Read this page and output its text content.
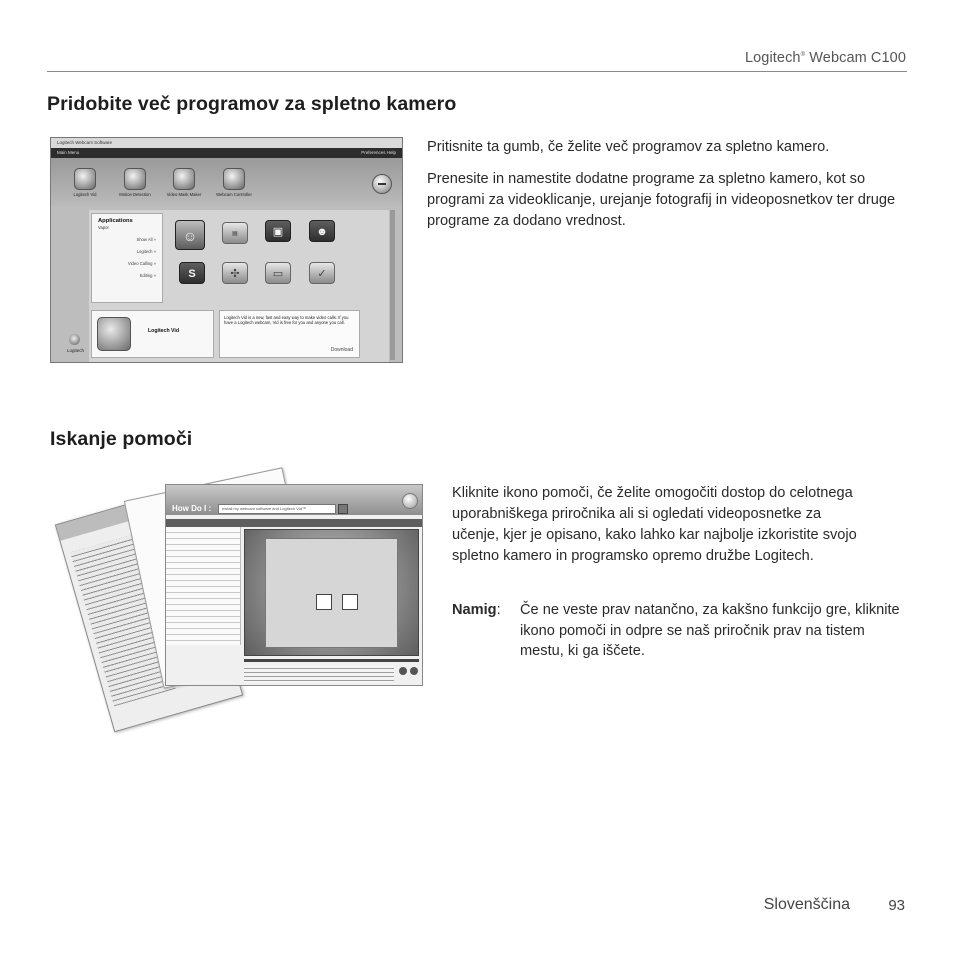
Logitech® Webcam C100
Pridobite več programov za spletno kamero
Logitech Webcam Software
Main Menu	Preferences Help
Logitech Vid	Motion Detection	Video Mask Maker	Webcam Controller
Applications
Vapor
Show All »
Logitech »
Video Calling »
Editing »
☺	▤	▣	☻
S	✣	▭	✓
Logitech Vid
Logitech Vid is a new, fast and easy way to make video calls. If you have a Logitech webcam, Vid is free for you and anyone you call.
Download
Logitech

Pritisnite ta gumb, če želite več programov za spletno kamero.

Prenesite in namestite dodatne programe za spletno kamero, kot so programi za videoklicanje, urejanje fotografij in videoposnetkov ter druge programe za dodano vrednost.

Iskanje pomoči
How Do I :	Install my webcam software and Logitech Vid™

Kliknite ikono pomoči, če želite omogočiti dostop do celotnega uporabniškega priročnika ali si ogledati videoposnetke za učenje, kjer je opisano, kako lahko kar najbolje izkoristite svojo spletno kamero in programsko opremo družbe Logitech.

Namig:	Če ne veste prav natančno, za kakšno funkcijo gre, kliknite ikono pomoči in odpre se naš priročnik prav na tistem mestu, ki ga iščete.
Slovenščina	93
